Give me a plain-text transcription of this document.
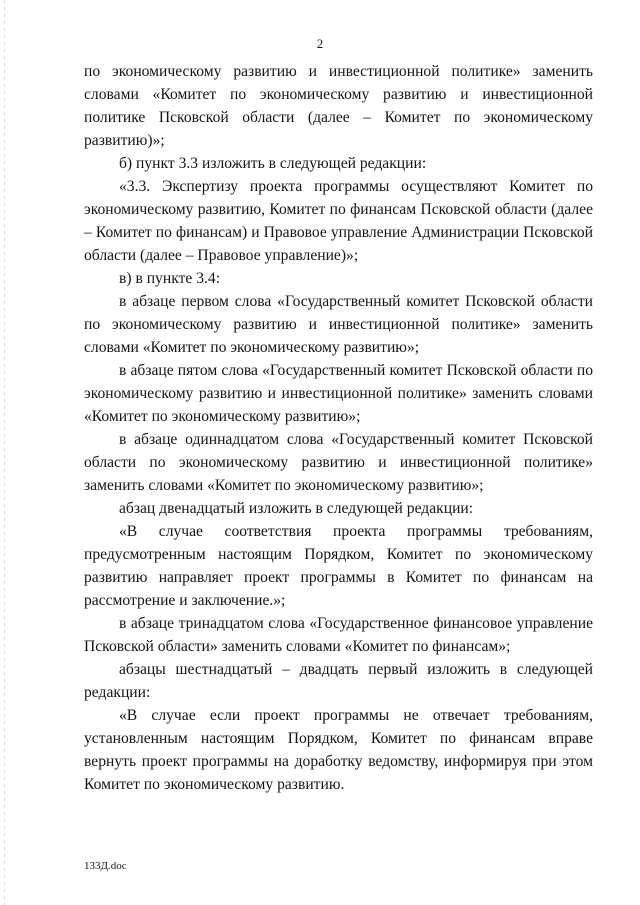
2

по экономическому развитию и инвестиционной политике» заменить словами «Комитет по экономическому развитию и инвестиционной политике Псковской области (далее – Комитет по экономическому развитию)»;

б) пункт 3.3 изложить в следующей редакции:

«3.3. Экспертизу проекта программы осуществляют Комитет по экономическому развитию, Комитет по финансам Псковской области (далее – Комитет по финансам) и Правовое управление Администрации Псковской области (далее – Правовое управление)»;

в) в пункте 3.4:

в абзаце первом слова «Государственный комитет Псковской области по экономическому развитию и инвестиционной политике» заменить словами «Комитет по экономическому развитию»;

в абзаце пятом слова «Государственный комитет Псковской области по экономическому развитию и инвестиционной политике» заменить словами «Комитет по экономическому развитию»;

в абзаце одиннадцатом слова «Государственный комитет Псковской области по экономическому развитию и инвестиционной политике» заменить словами «Комитет по экономическому развитию»;

абзац двенадцатый изложить в следующей редакции:

«В случае соответствия проекта программы требованиям, предусмотренным настоящим Порядком, Комитет по экономическому развитию направляет проект программы в Комитет по финансам на рассмотрение и заключение.»;

в абзаце тринадцатом слова «Государственное финансовое управление Псковской области» заменить словами «Комитет по финансам»;

абзацы шестнадцатый – двадцать первый изложить в следующей редакции:

«В случае если проект программы не отвечает требованиям, установленным настоящим Порядком, Комитет по финансам вправе вернуть проект программы на доработку ведомству, информируя при этом Комитет по экономическому развитию.

133Д.doc
